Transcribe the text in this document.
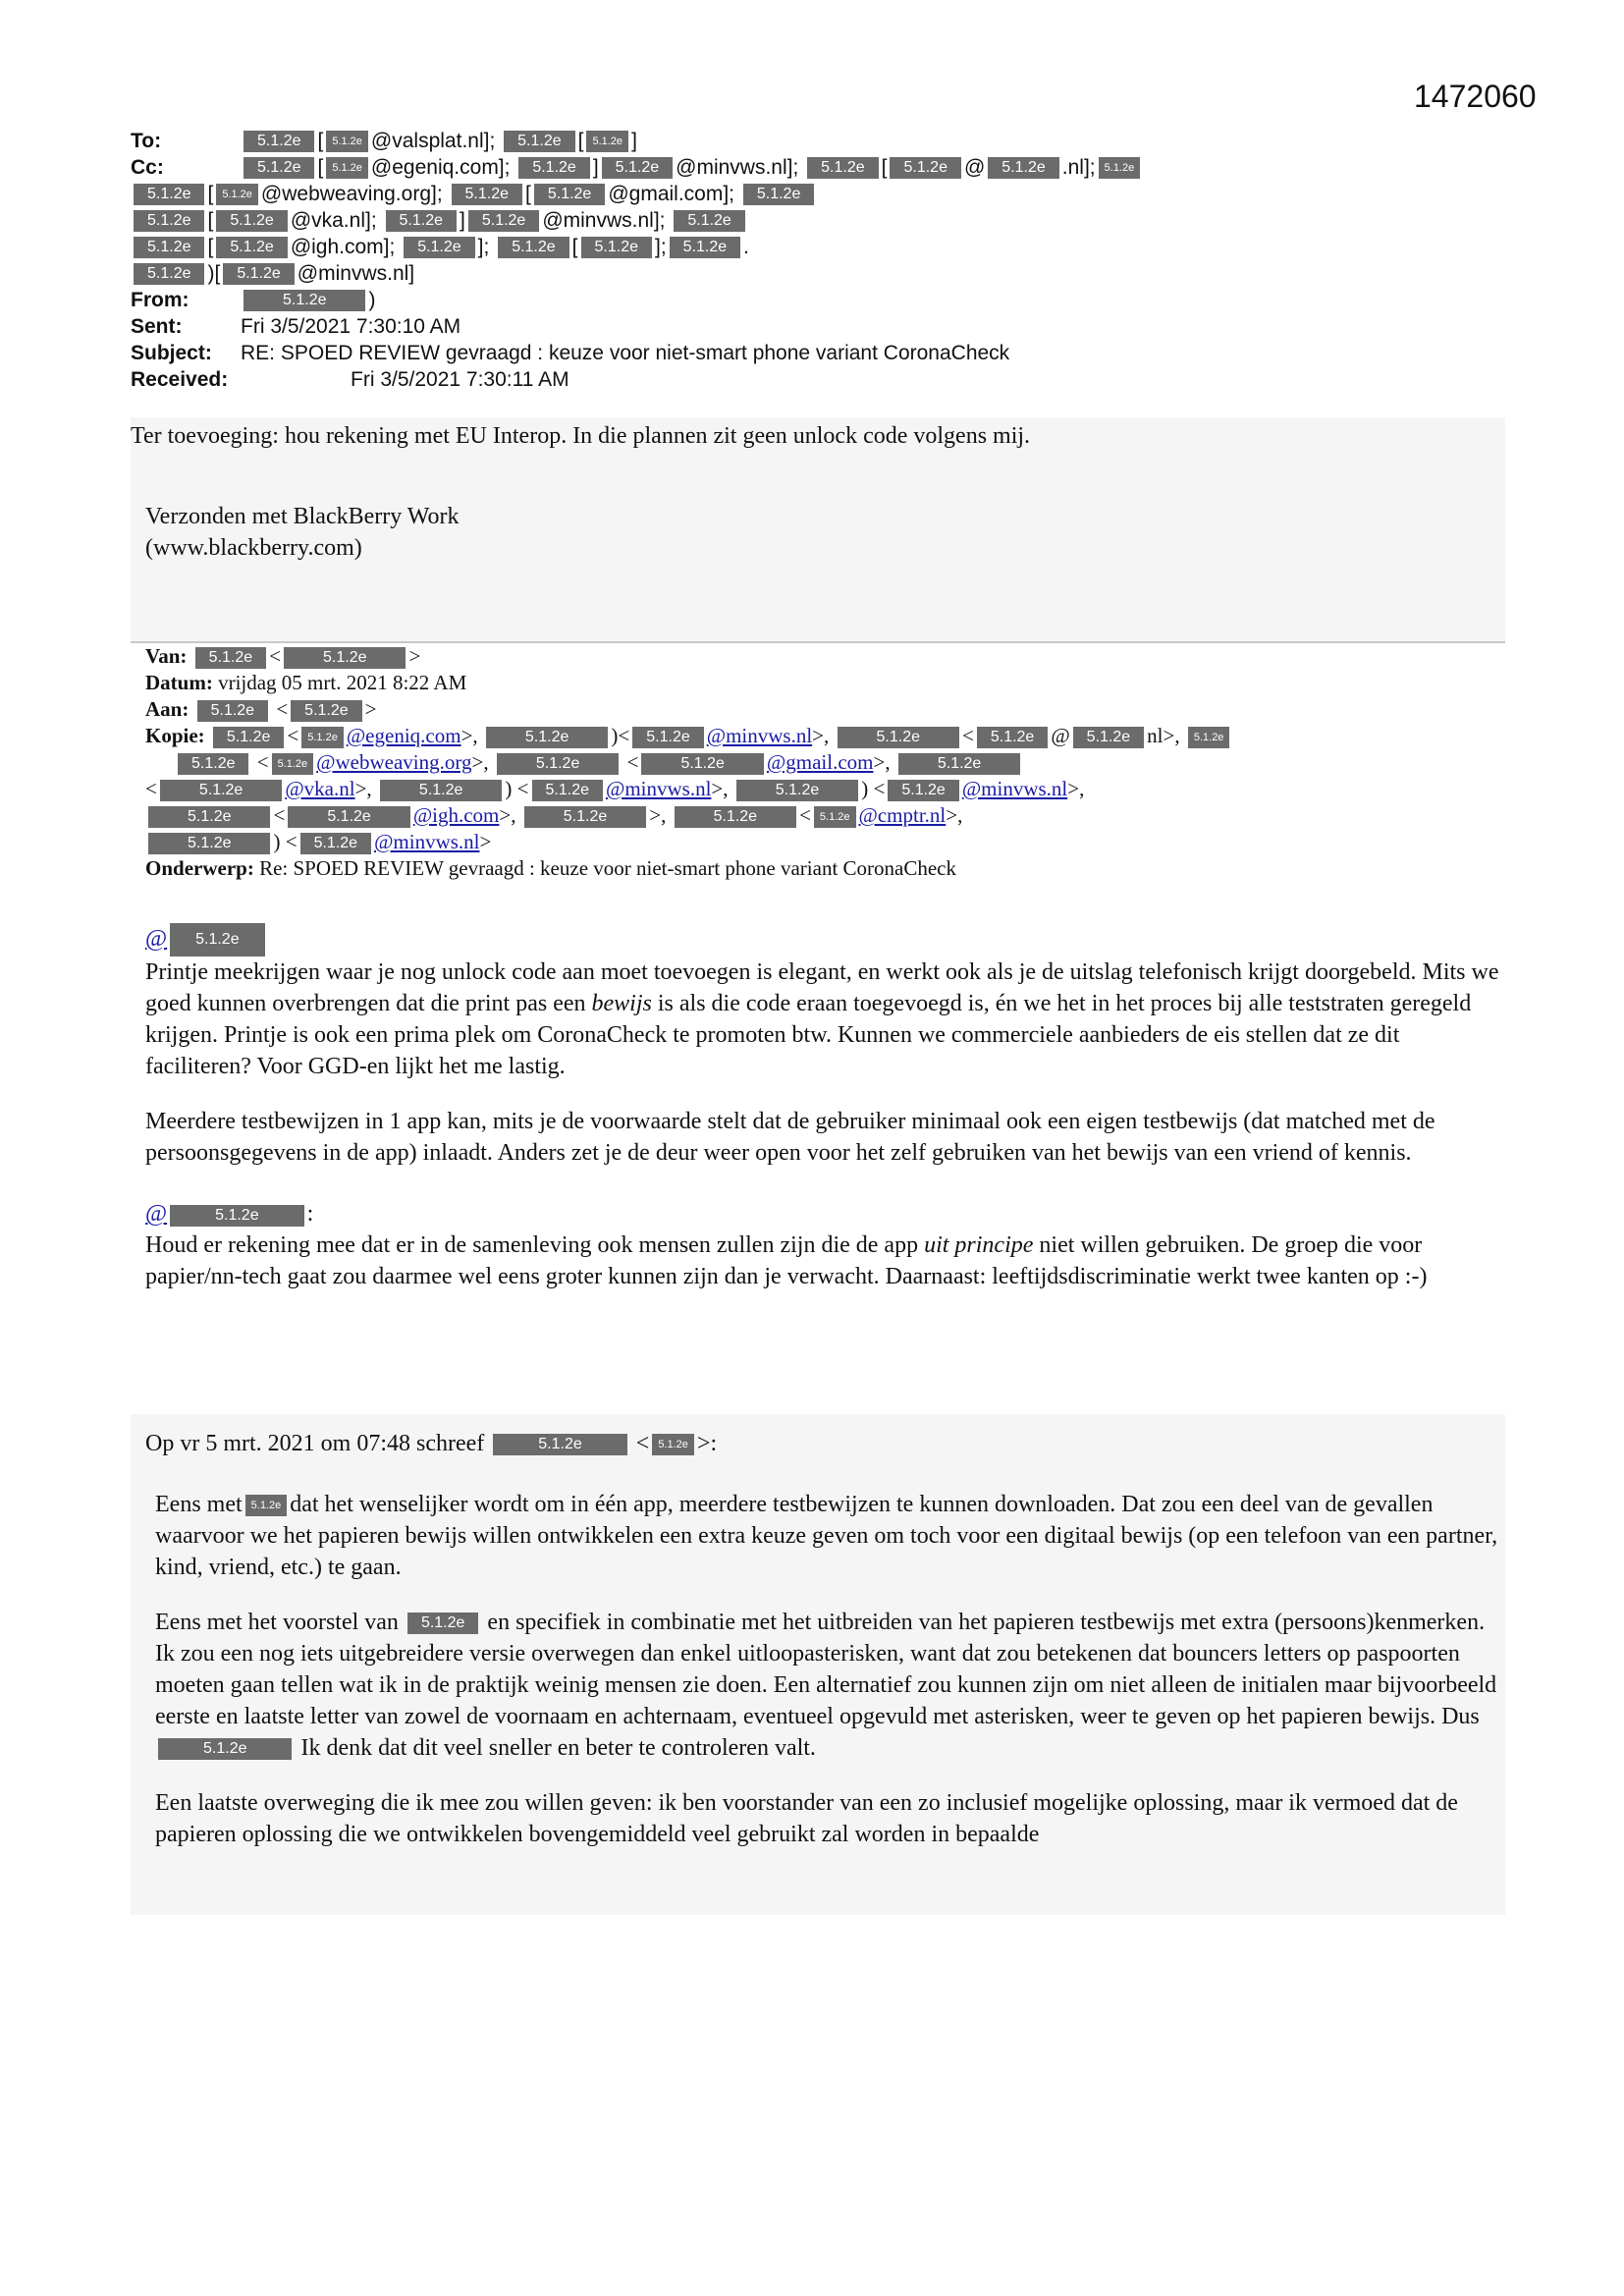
1472060
To:	5.1.2e [ 5.1.2e @valsplat.nl]; 5.1.2e [ 5.1.2e ]
Cc:	5.1.2e [ 5.1.2e @egeniq.com]; 5.1.2e ] 5.1.2e @minvws.nl]; 5.1.2e [ 5.1.2e @ 5.1.2e .nl]; 5.1.2e
5.1.2e [ 5.1.2e @webweaving.org]; 5.1.2e [ 5.1.2e @gmail.com]; 5.1.2e
5.1.2e [ 5.1.2e @vka.nl]; 5.1.2e ] 5.1.2e @minvws.nl]; 5.1.2e
5.1.2e [ 5.1.2e @igh.com]; 5.1.2e ]; 5.1.2e [ 5.1.2e ]; 5.1.2e .
5.1.2e )[ 5.1.2e @minvws.nl]
From:	5.1.2e )
Sent:	Fri 3/5/2021 7:30:10 AM
Subject:	RE: SPOED REVIEW gevraagd : keuze voor niet-smart phone variant CoronaCheck
Received:	Fri 3/5/2021 7:30:11 AM

Ter toevoeging: hou rekening met EU Interop. In die plannen zit geen unlock code volgens mij.

Verzonden met BlackBerry Work
(www.blackberry.com)
Van: 5.1.2e <	5.1.2e >
Datum: vrijdag 05 mrt. 2021 8:22 AM
Aan: 5.1.2e < 5.1.2e >
Kopie: 5.1.2e < 5.1.2e @egeniq.com>,	5.1.2e )< 5.1.2e @minvws.nl>,	5.1.2e < 5.1.2e @ 5.1.2e nl>, 5.1.2e
5.1.2e < 5.1.2e @webweaving.org>,	5.1.2e <	5.1.2e @gmail.com>,	5.1.2e
<	5.1.2e @vka.nl>,	5.1.2e ) < 5.1.2e @minvws.nl>,	5.1.2e ) < 5.1.2e @minvws.nl>,
5.1.2e <	5.1.2e @igh.com>,	5.1.2e >,	5.1.2e < 5.1.2e @cmptr.nl>,
5.1.2e ) < 5.1.2e @minvws.nl>
Onderwerp: Re: SPOED REVIEW gevraagd : keuze voor niet-smart phone variant CoronaCheck
@ 5.1.2e

Printje meekrijgen waar je nog unlock code aan moet toevoegen is elegant, en werkt ook als je de uitslag telefonisch krijgt doorgebeld. Mits we goed kunnen overbrengen dat die print pas een bewijs is als die code eraan toegevoegd is, én we het in het proces bij alle teststraten geregeld krijgen. Printje is ook een prima plek om CoronaCheck te promoten btw. Kunnen we commerciele aanbieders de eis stellen dat ze dit faciliteren? Voor GGD-en lijkt het me lastig.

Meerdere testbewijzen in 1 app kan, mits je de voorwaarde stelt dat de gebruiker minimaal ook een eigen testbewijs (dat matched met de persoonsgegevens in de app) inlaadt. Anders zet je de deur weer open voor het zelf gebruiken van het bewijs van een vriend of kennis.

@	5.1.2e :

Houd er rekening mee dat er in de samenleving ook mensen zullen zijn die de app uit principe niet willen gebruiken. De groep die voor papier/nn-tech gaat zou daarmee wel eens groter kunnen zijn dan je verwacht. Daarnaast: leeftijdsdiscriminatie werkt twee kanten op :-)

Op vr 5 mrt. 2021 om 07:48 schreef	5.1.2e < 5.1.2e >:

Eens met 5.1.2e dat het wenselijker wordt om in één app, meerdere testbewijzen te kunnen downloaden. Dat zou een deel van de gevallen waarvoor we het papieren bewijs willen ontwikkelen een extra keuze geven om toch voor een digitaal bewijs (op een telefoon van een partner, kind, vriend, etc.) te gaan.

Eens met het voorstel van 5.1.2e en specifiek in combinatie met het uitbreiden van het papieren testbewijs met extra (persoons)kenmerken. Ik zou een nog iets uitgebreidere versie overwegen dan enkel uitloopasterisken, want dat zou betekenen dat bouncers letters op paspoorten moeten gaan tellen wat ik in de praktijk weinig mensen zie doen. Een alternatief zou kunnen zijn om niet alleen de initialen maar bijvoorbeeld eerste en laatste letter van zowel de voornaam en achternaam, eventueel opgevuld met asterisken, weer te geven op het papieren bewijs. Dus 5.1.2e Ik denk dat dit veel sneller en beter te controleren valt.

Een laatste overweging die ik mee zou willen geven: ik ben voorstander van een zo inclusief mogelijke oplossing, maar ik vermoed dat de papieren oplossing die we ontwikkelen bovengemiddeld veel gebruikt zal worden in bepaalde
